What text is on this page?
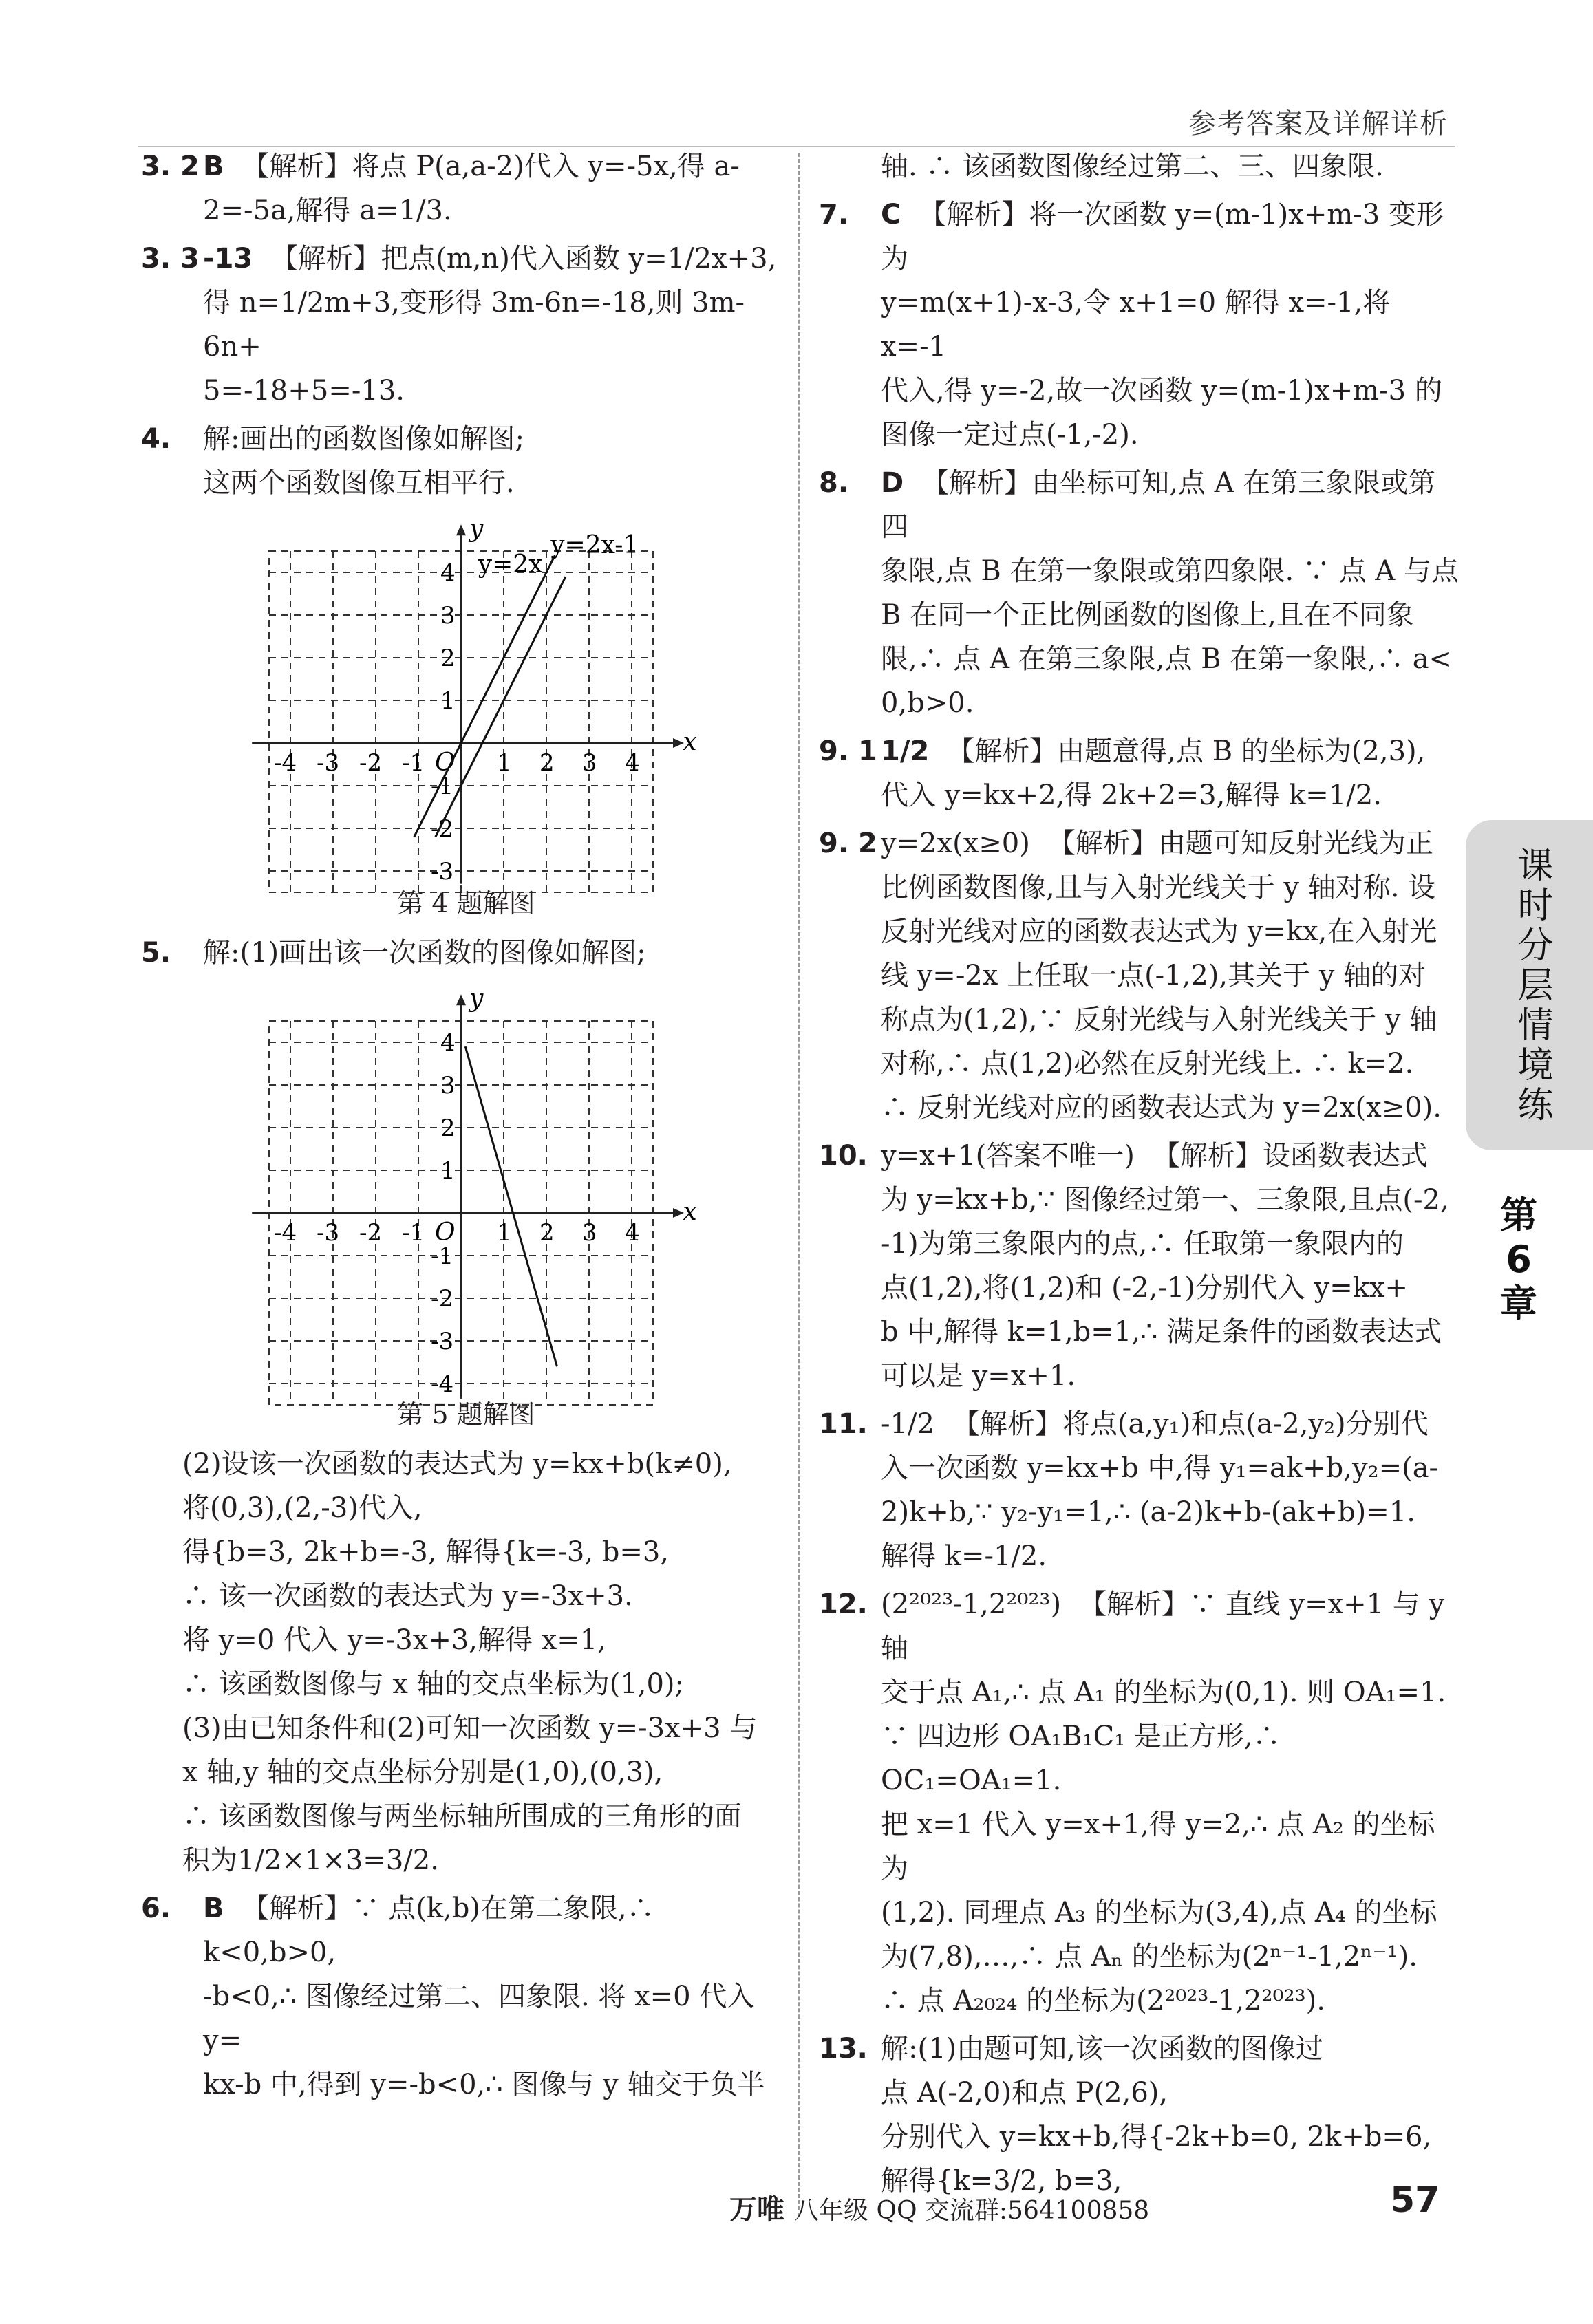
参考答案及详解详析
3. 2 B 【解析】将点 P(a,a-2)代入 y=-5x,得 a-
2=-5a,解得 a=1/3.
3. 3 -13 【解析】把点(m,n)代入函数 y=1/2x+3,
得 n=1/2m+3,变形得 3m-6n=-18,则 3m-6n+
5=-18+5=-13.
4. 解:画出的函数图像如解图;
这两个函数图像互相平行.
x
y
O
-4 -3 -2 -1	1 2 3 4
4
3
2
1
-1
-2
-3
y=2x
y=2x-1
第 4 题解图
5. 解:(1)画出该一次函数的图像如解图;
x
y
O
-4 -3 -2 -1	1 2 3 4
4
3
2
1
-1
-2
-3
-4
第 5 题解图
(2)设该一次函数的表达式为 y=kx+b(k≠0),
将(0,3),(2,-3)代入,
得{b=3, 2k+b=-3, 解得{k=-3, b=3,
∴ 该一次函数的表达式为 y=-3x+3.
将 y=0 代入 y=-3x+3,解得 x=1,
∴ 该函数图像与 x 轴的交点坐标为(1,0);
(3)由已知条件和(2)可知一次函数 y=-3x+3 与
x 轴,y 轴的交点坐标分别是(1,0),(0,3),
∴ 该函数图像与两坐标轴所围成的三角形的面
积为1/2×1×3=3/2.
6. B 【解析】∵ 点(k,b)在第二象限,∴ k<0,b>0,
-b<0,∴ 图像经过第二、四象限. 将 x=0 代入 y=
kx-b 中,得到 y=-b<0,∴ 图像与 y 轴交于负半
轴. ∴ 该函数图像经过第二、三、四象限.
7. C 【解析】将一次函数 y=(m-1)x+m-3 变形为
y=m(x+1)-x-3,令 x+1=0 解得 x=-1,将 x=-1
代入,得 y=-2,故一次函数 y=(m-1)x+m-3 的
图像一定过点(-1,-2).
8. D 【解析】由坐标可知,点 A 在第三象限或第四
象限,点 B 在第一象限或第四象限. ∵ 点 A 与点
B 在同一个正比例函数的图像上,且在不同象
限,∴ 点 A 在第三象限,点 B 在第一象限,∴ a<
0,b>0.
9. 1 1/2 【解析】由题意得,点 B 的坐标为(2,3),
代入 y=kx+2,得 2k+2=3,解得 k=1/2.
9. 2 y=2x(x≥0) 【解析】由题可知反射光线为正
比例函数图像,且与入射光线关于 y 轴对称. 设
反射光线对应的函数表达式为 y=kx,在入射光
线 y=-2x 上任取一点(-1,2),其关于 y 轴的对
称点为(1,2),∵ 反射光线与入射光线关于 y 轴
对称,∴ 点(1,2)必然在反射光线上. ∴ k=2.
∴ 反射光线对应的函数表达式为 y=2x(x≥0).
10. y=x+1(答案不唯一) 【解析】设函数表达式
为 y=kx+b,∵ 图像经过第一、三象限,且点(-2,
-1)为第三象限内的点,∴ 任取第一象限内的
点(1,2),将(1,2)和 (-2,-1)分别代入 y=kx+
b 中,解得 k=1,b=1,∴ 满足条件的函数表达式
可以是 y=x+1.
11. -1/2 【解析】将点(a,y₁)和点(a-2,y₂)分别代
入一次函数 y=kx+b 中,得 y₁=ak+b,y₂=(a-
2)k+b,∵ y₂-y₁=1,∴ (a-2)k+b-(ak+b)=1.
解得 k=-1/2.
12. (2²⁰²³-1,2²⁰²³) 【解析】∵ 直线 y=x+1 与 y 轴
交于点 A₁,∴ 点 A₁ 的坐标为(0,1). 则 OA₁=1.
∵ 四边形 OA₁B₁C₁ 是正方形,∴ OC₁=OA₁=1.
把 x=1 代入 y=x+1,得 y=2,∴ 点 A₂ 的坐标为
(1,2). 同理点 A₃ 的坐标为(3,4),点 A₄ 的坐标
为(7,8),…,∴ 点 Aₙ 的坐标为(2ⁿ⁻¹-1,2ⁿ⁻¹).
∴ 点 A₂₀₂₄ 的坐标为(2²⁰²³-1,2²⁰²³).
13. 解:(1)由题可知,该一次函数的图像过
点 A(-2,0)和点 P(2,6),
分别代入 y=kx+b,得{-2k+b=0, 2k+b=6,
解得{k=3/2, b=3,
课时分层情境练
第6章
万唯 八年级 QQ 交流群:564100858	57
